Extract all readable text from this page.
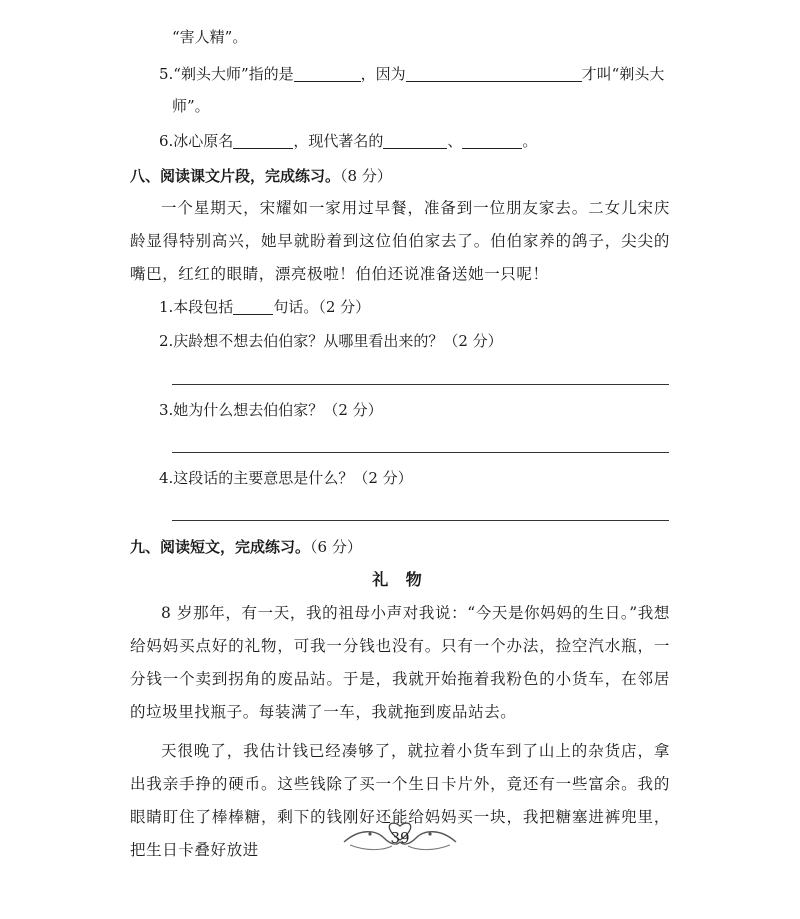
“害人精”。
5.“剃头大师”指的是	，因为	才叫“剃头大
师”。
6.冰心原名	，现代著名的	、	。
八、阅读课文片段，完成练习。（8 分）
一个星期天，宋耀如一家用过早餐，准备到一位朋友家去。二女儿宋庆龄显得特别高兴，她早就盼着到这位伯伯家去了。伯伯家养的鸽子，尖尖的嘴巴，红红的眼睛，漂亮极啦！伯伯还说准备送她一只呢！
1.本段包括	句话。（2 分）
2.庆龄想不想去伯伯家？从哪里看出来的？（2 分）
3.她为什么想去伯伯家？（2 分）
4.这段话的主要意思是什么？（2 分）
九、阅读短文，完成练习。（6 分）
礼 物
8 岁那年，有一天，我的祖母小声对我说：“今天是你妈妈的生日。”我想给妈妈买点好的礼物，可我一分钱也没有。只有一个办法，捡空汽水瓶，一分钱一个卖到拐角的废品站。于是，我就开始拖着我粉色的小货车，在邻居的垃圾里找瓶子。每装满了一车，我就拖到废品站去。
天很晚了，我估计钱已经凑够了，就拉着小货车到了山上的杂货店，拿出我亲手挣的硬币。这些钱除了买一个生日卡片外，竟还有一些富余。我的眼睛盯住了棒棒糖，剩下的钱刚好还能给妈妈买一块，我把糖塞进裤兜里，把生日卡叠好放进
39
